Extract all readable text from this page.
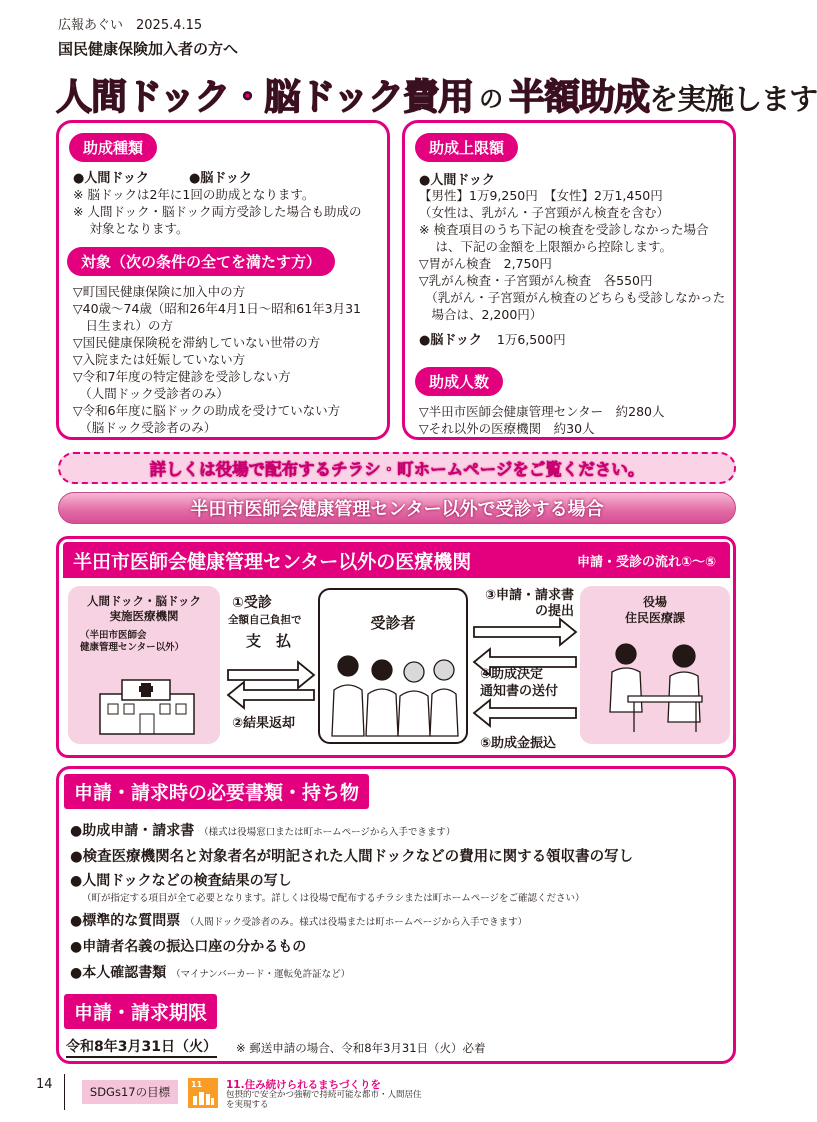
広報あぐい　2025.4.15
国民健康保険加入者の方へ
人間ドック・脳ドック費用 の 半額助成 を実施します
助成種類
●人間ドック	●脳ドック
※ 脳ドックは2年に1回の助成となります。
※ 人間ドック・脳ドック両方受診した場合も助成の
　 対象となります。
対象（次の条件の全てを満たす方）
▽町国民健康保険に加入中の方
▽40歳～74歳（昭和26年4月1日～昭和61年3月31
　日生まれ）の方
▽国民健康保険税を滞納していない世帯の方
▽入院または妊娠していない方
▽令和7年度の特定健診を受診しない方
　（人間ドック受診者のみ）
▽令和6年度に脳ドックの助成を受けていない方
　（脳ドック受診者のみ）
助成上限額
●人間ドック
【男性】1万9,250円　【女性】2万1,450円
（女性は、乳がん・子宮頸がん検査を含む）
※ 検査項目のうち下記の検査を受診しなかった場合
　 は、下記の金額を上限額から控除します。
▽胃がん検査　2,750円
▽乳がん検査・子宮頸がん検査　各550円
　（乳がん・子宮頸がん検査のどちらも受診しなかった
　場合は、2,200円）
●脳ドック 1万6,500円
助成人数
▽半田市医師会健康管理センター　約280人
▽それ以外の医療機関　約30人
詳しくは役場で配布するチラシ・町ホームページをご覧ください。
半田市医師会健康管理センター以外で受診する場合
半田市医師会健康管理センター以外の医療機関	申請・受診の流れ①～⑤
人間ドック・脳ドック
実施医療機関
（半田市医師会
健康管理センター以外）
受診者
役場
住民医療課
①受診
全額自己負担で
支　払
②結果返却
③申請・請求書
の提出
④助成決定
通知書の送付
⑤助成金振込
申請・請求時の必要書類・持ち物
●助成申請・請求書 （様式は役場窓口または町ホームページから入手できます）
●検査医療機関名と対象者名が明記された人間ドックなどの費用に関する領収書の写し
●人間ドックなどの検査結果の写し
（町が指定する項目が全て必要となります。詳しくは役場で配布するチラシまたは町ホームページをご確認ください）
●標準的な質問票 （人間ドック受診者のみ。様式は役場または町ホームページから入手できます）
●申請者名義の振込口座の分かるもの
●本人確認書類 （マイナンバーカード・運転免許証など）
申請・請求期限
令和8年3月31日（火） ※ 郵送申請の場合、令和8年3月31日（火）必着
14	SDGs17の目標
11	11.住み続けられるまちづくりを
包摂的で安全かつ強靭で持続可能な都市・人間居住
を実現する
